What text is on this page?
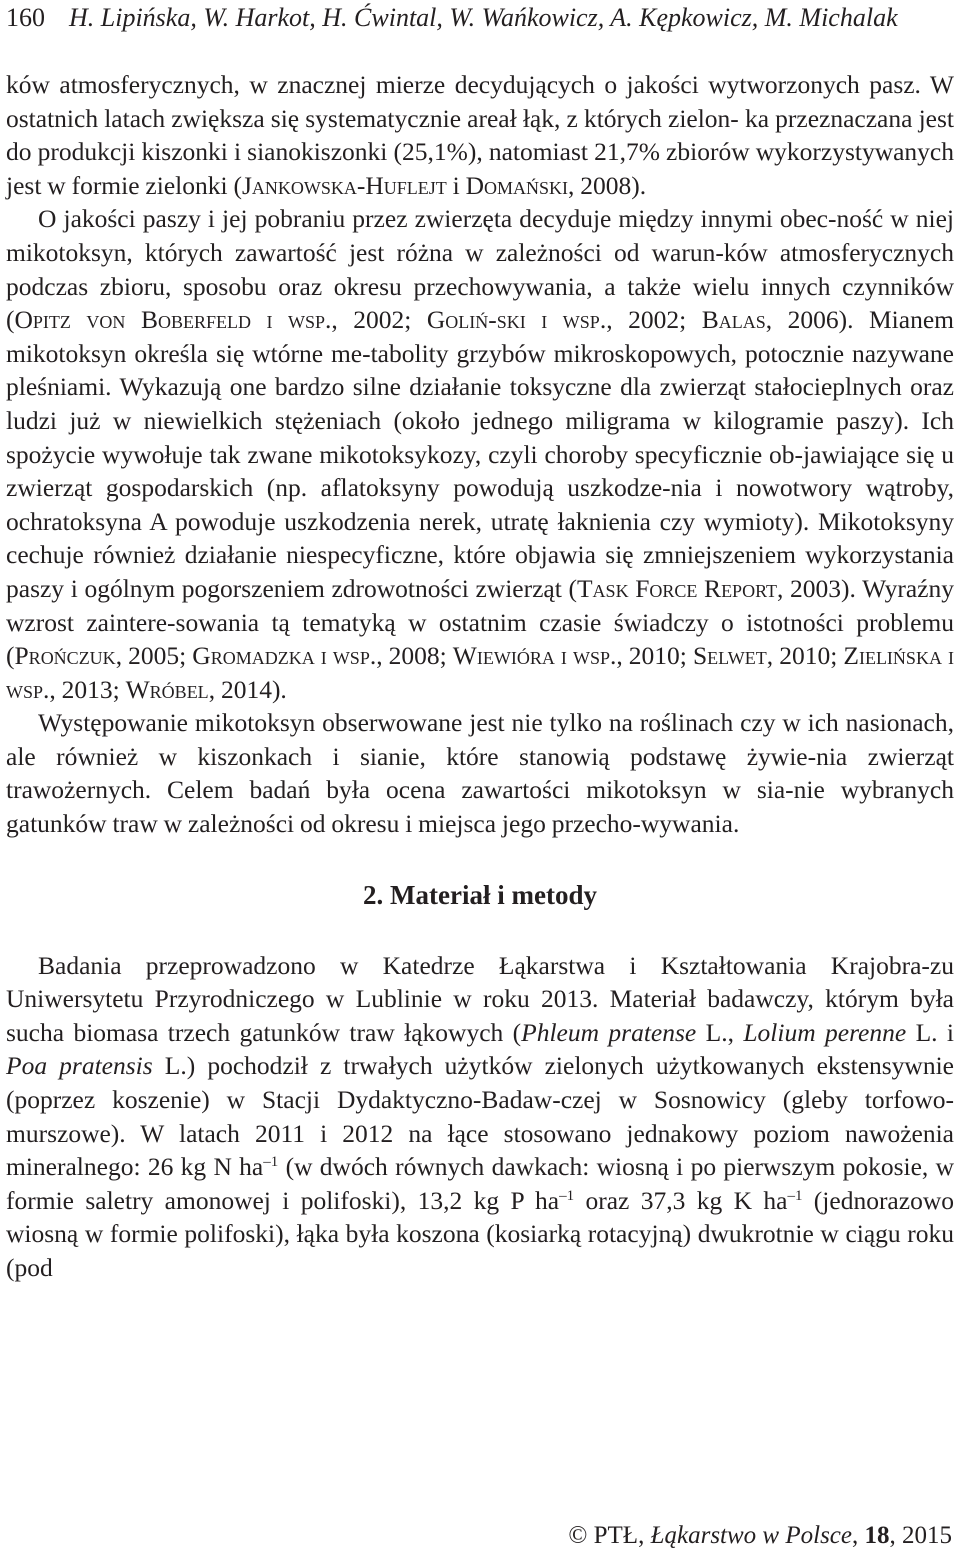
160 H. Lipińska, W. Harkot, H. Ćwintal, W. Wańkowicz, A. Kępkowicz, M. Michalak

ków atmosferycznych, w znacznej mierze decydujących o jakości wytworzonych pasz. W ostatnich latach zwiększa się systematycznie areał łąk, z których zielon- ka przeznaczana jest do produkcji kiszonki i sianokiszonki (25,1%), natomiast 21,7% zbiorów wykorzystywanych jest w formie zielonki (Jankowska-Huflejt i Domański, 2008).

O jakości paszy i jej pobraniu przez zwierzęta decyduje między innymi obec-ność w niej mikotoksyn, których zawartość jest różna w zależności od warun-ków atmosferycznych podczas zbioru, sposobu oraz okresu przechowywania, a także wielu innych czynników (Opitz von Boberfeld i wsp., 2002; Goliń-ski i wsp., 2002; Balas, 2006). Mianem mikotoksyn określa się wtórne me-tabolity grzybów mikroskopowych, potocznie nazywane pleśniami. Wykazują one bardzo silne działanie toksyczne dla zwierząt stałocieplnych oraz ludzi już w niewielkich stężeniach (około jednego miligrama w kilogramie paszy). Ich spożycie wywołuje tak zwane mikotoksykozy, czyli choroby specyficznie ob-jawiające się u zwierząt gospodarskich (np. aflatoksyny powodują uszkodze-nia i nowotwory wątroby, ochratoksyna A powoduje uszkodzenia nerek, utratę łaknienia czy wymioty). Mikotoksyny cechuje również działanie niespecyficzne, które objawia się zmniejszeniem wykorzystania paszy i ogólnym pogorszeniem zdrowotności zwierząt (Task Force Report, 2003). Wyraźny wzrost zaintere-sowania tą tematyką w ostatnim czasie świadczy o istotności problemu (Prończuk, 2005; Gromadzka i wsp., 2008; Wiewióra i wsp., 2010; Selwet, 2010; Zielińska i wsp., 2013; Wróbel, 2014).

Występowanie mikotoksyn obserwowane jest nie tylko na roślinach czy w ich nasionach, ale również w kiszonkach i sianie, które stanowią podstawę żywie-nia zwierząt trawożernych. Celem badań była ocena zawartości mikotoksyn w sia-nie wybranych gatunków traw w zależności od okresu i miejsca jego przecho-wywania.

2. Materiał i metody

Badania przeprowadzono w Katedrze Łąkarstwa i Kształtowania Krajobra-zu Uniwersytetu Przyrodniczego w Lublinie w roku 2013. Materiał badawczy, którym była sucha biomasa trzech gatunków traw łąkowych (Phleum pratense L., Lolium perenne L. i Poa pratensis L.) pochodził z trwałych użytków zielonych użytkowanych ekstensywnie (poprzez koszenie) w Stacji Dydaktyczno-Badaw-czej w Sosnowicy (gleby torfowo-murszowe). W latach 2011 i 2012 na łące stosowano jednakowy poziom nawożenia mineralnego: 26 kg N $ha^{-1}$ (w dwóch równych dawkach: wiosną i po pierwszym pokosie, w formie saletry amonowej i polifoski), 13,2 kg P $ha^{-1}$ oraz 37,3 kg K $ha^{-1}$ (jednorazowo wiosną w formie polifoski), łąka była koszona (kosiarką rotacyjną) dwukrotnie w ciągu roku (pod

© PTŁ, Łąkarstwo w Polsce, 18, 2015
